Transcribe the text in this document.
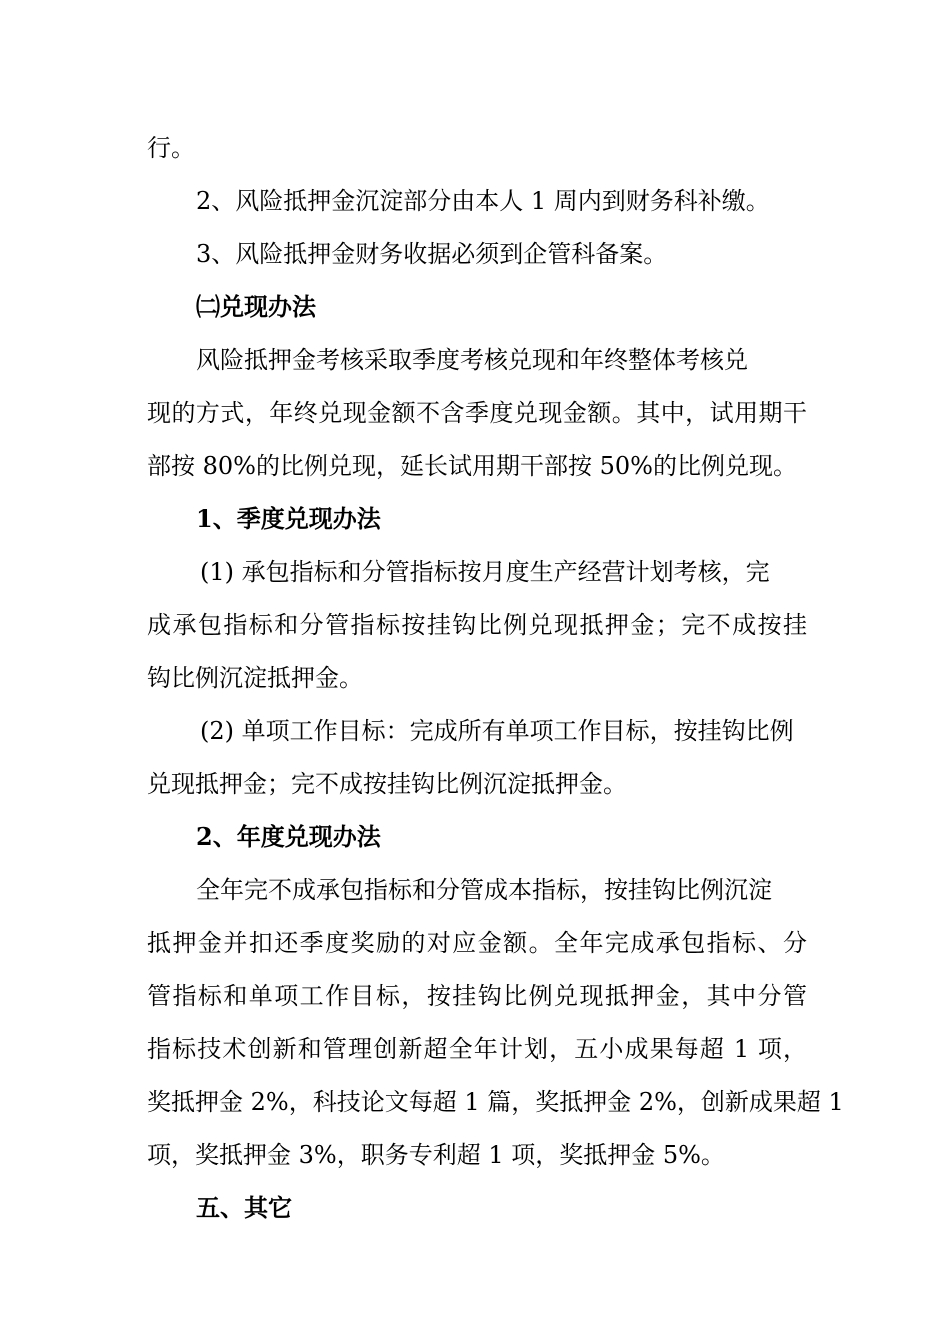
行。
2、风险抵押金沉淀部分由本人 1 周内到财务科补缴。
3、风险抵押金财务收据必须到企管科备案。
㈡兑现办法
风险抵押金考核采取季度考核兑现和年终整体考核兑
现的方式，年终兑现金额不含季度兑现金额。其中，试用期干
部按 80%的比例兑现，延长试用期干部按 50%的比例兑现。
1、季度兑现办法
(1) 承包指标和分管指标按月度生产经营计划考核，完
成承包指标和分管指标按挂钩比例兑现抵押金；完不成按挂
钩比例沉淀抵押金。
(2) 单项工作目标：完成所有单项工作目标，按挂钩比例
兑现抵押金；完不成按挂钩比例沉淀抵押金。
2、年度兑现办法
全年完不成承包指标和分管成本指标，按挂钩比例沉淀
抵押金并扣还季度奖励的对应金额。全年完成承包指标、分
管指标和单项工作目标，按挂钩比例兑现抵押金，其中分管
指标技术创新和管理创新超全年计划，五小成果每超 1 项，
奖抵押金 2%，科技论文每超 1 篇，奖抵押金 2%，创新成果超 1
项，奖抵押金 3%，职务专利超 1 项，奖抵押金 5%。
五、其它
